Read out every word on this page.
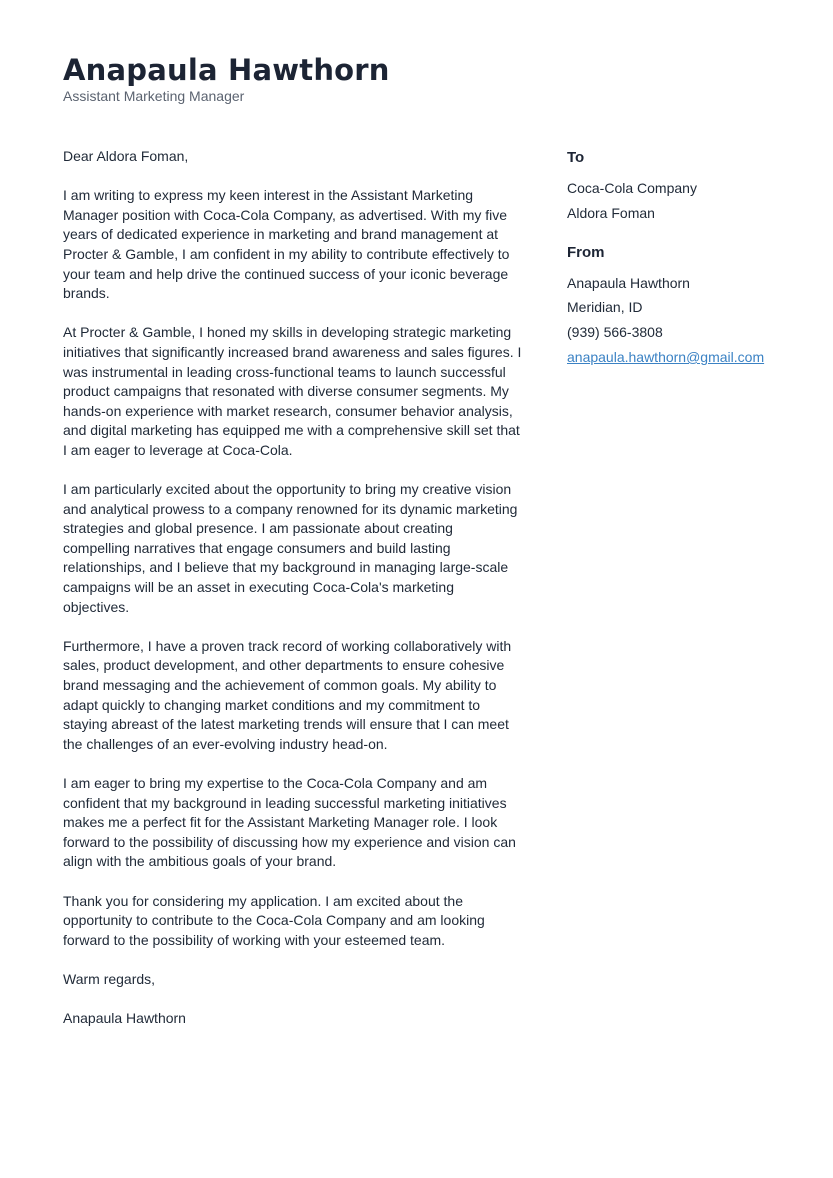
Anapaula Hawthorn
Assistant Marketing Manager

Dear Aldora Foman,

I am writing to express my keen interest in the Assistant Marketing Manager position with Coca-Cola Company, as advertised. With my five years of dedicated experience in marketing and brand management at Procter & Gamble, I am confident in my ability to contribute effectively to your team and help drive the continued success of your iconic beverage brands.

At Procter & Gamble, I honed my skills in developing strategic marketing initiatives that significantly increased brand awareness and sales figures. I was instrumental in leading cross-functional teams to launch successful product campaigns that resonated with diverse consumer segments. My hands-on experience with market research, consumer behavior analysis, and digital marketing has equipped me with a comprehensive skill set that I am eager to leverage at Coca-Cola.

I am particularly excited about the opportunity to bring my creative vision and analytical prowess to a company renowned for its dynamic marketing strategies and global presence. I am passionate about creating compelling narratives that engage consumers and build lasting relationships, and I believe that my background in managing large-scale campaigns will be an asset in executing Coca-Cola's marketing objectives.

Furthermore, I have a proven track record of working collaboratively with sales, product development, and other departments to ensure cohesive brand messaging and the achievement of common goals. My ability to adapt quickly to changing market conditions and my commitment to staying abreast of the latest marketing trends will ensure that I can meet the challenges of an ever-evolving industry head-on.

I am eager to bring my expertise to the Coca-Cola Company and am confident that my background in leading successful marketing initiatives makes me a perfect fit for the Assistant Marketing Manager role. I look forward to the possibility of discussing how my experience and vision can align with the ambitious goals of your brand.

Thank you for considering my application. I am excited about the opportunity to contribute to the Coca-Cola Company and am looking forward to the possibility of working with your esteemed team.

Warm regards,

Anapaula Hawthorn

To
Coca-Cola Company
Aldora Foman
From
Anapaula Hawthorn
Meridian, ID
(939) 566-3808
anapaula.hawthorn@gmail.com
